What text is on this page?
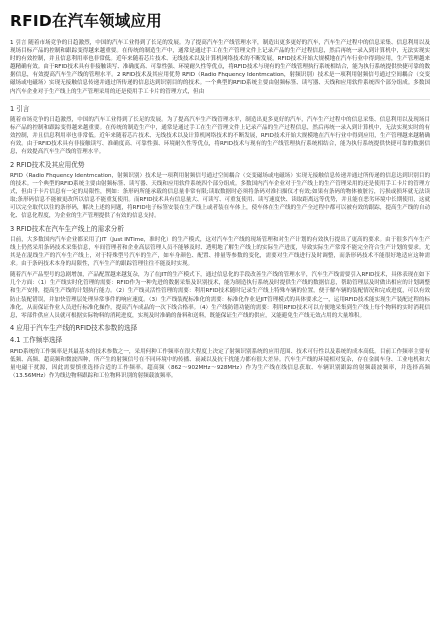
RFID在汽车领域应用

1 引言 随着市场竞争的日趋激烈，中国的汽车工业得到了长足的发展。为了提高汽车生产线管理水平，制造出更多更好的汽车，汽车生产过程中的信息采集、信息利用以及现场目标产品的控制和跟踪变得越来越重要。在传统的制造生产中，通常是通过手工在生产管理文件上记录产品的生产过程信息，然后再统一录入到计算机中，无法实现实时的有效控制，并且信息利用率也非常低。近年来随着芯片技术、无线技术以及计算机网络技术的不断发展，RFID技术开始大规模地在汽车行业中得到应用，生产管理越来越精确有效。由于RFID技术具有非接触读写、准确度高、可靠性强、环境耐久性等优点，将RFID技术与现有的生产线管理执行系统相结合，能为执行系统提供快捷可靠的数据信息，有效提高汽车生产线的管理水平。2 RFID技术及其应用优势 RFID（Radio Fhquency Identmcation，射频识别）技术是一项利用射频信号通过空间耦合（交变磁场或电磁场）实现无接触信息传递并通过所传递的信息达到识别目的的技术。一个典型的RFID系统主要由射频标签、读写器、天线和应用软件系统四个部分组成。多数国内汽车企业对于生产线上的生产管理采用的还是使用手工卡片的管理方式，但由

1 引言

随着市场竞争的日趋激烈，中国的汽车工业得到了长足的发展。为了提高汽车生产线管理水平，制造出更多更好的汽车，汽车生产过程中的信息采集、信息利用以及现场目标产品的控制和跟踪变得越来越重要。在传统的制造生产中，通常是通过手工在生产管理文件上记录产品的生产过程信息，然后再统一录入到计算机中，无法实现实时的有效控制，并且信息利用率也非常低。近年来随着芯片技术、无线技术以及计算机网络技术的不断发展，RFID技术开始大规模地在汽车行业中得到应用，生产管理越来越精确有效。由于RFID技术具有非接触读写、准确度高、可靠性强、环境耐久性等优点，将RFID技术与现有的生产线管理执行系统相结合，能为执行系统提供快捷可靠的数据信息，有效提高汽车生产线的管理水平。

2 RFID技术及其应用优势

RFID（Radio Fhquency Identmcation，射频识别）技术是一项利用射频信号通过空间耦合（交变磁场或电磁场）实现无接触信息传递并通过所传递的信息达到识别目的的技术。一个典型的RFID系统主要由射频标签、读写器、天线和应用软件系统四个部分组成。多数国内汽车企业对于生产线上的生产管理采用的还是使用手工卡片的管理方式，但由于卡片信息有一定的局限性，例如：条形码所能承载的信息量非常有限;读取数据时必须将条码对准扫描仪才有效;如果有条码的物体被脏污，污损或损坏就无法读取;条形码信息不能被更改所以信息不能重复使用。而RFID技术具有信息量大、可读写、可重复使用、读写速度快、读取距离远等优势，并且能在恶劣环境中长期使用，这就可以完全取代以往的条形码，解决上述的问题，将RFID电子标签安装在生产线上或者装在车体上，使车体在生产线的生产全过程中都可以被有效的跟踪，提高生产线的自动化、信息化程度，为企业的生产管理提供了有效的信息支持。

3 RFID技术在汽车生产线上的需求分析

目前，大多数国内汽车企业都采用了JIT（Just INTime，准时化）的生产模式，这对汽车生产线的现场管理和对生产计划的有效执行提出了更高的要求。由于很多汽车生产线上仍然采用条码技术采集信息，车间管理者和企业高层管理人员不能够及时、透明地了解生产线上的实际生产进度，导致实际生产常常不能完全符合生产计划的要求。尤其是在混线生产的汽车生产线上，对于特殊型号汽车的生产，如车身颜色、配置、排量等参数的变化，需要对生产线进行及时调整，而条形码技术不能很好地适应这种需求。由于条码技术本身的局限性，汽车生产的跟踪管理往往不能及时实现。

随着汽车产品型号的急剧增加，产品配置越来越复杂，为了在JIT的生产模式下，通过信息化的手段改善生产线的管理水平，汽车生产线需要引入RFID技术，具体表现在如下几个方面：（1）生产线实时化管理的需要：RFID作为一种先进的数据采集及识别技术，能为制造执行系统及时提供生产线的数据信息，帮助管理层及时做出相应的计划调整和生产安排，提高生产线的计划执行能力。（2）生产线灵活性管理的需要：利用RFID技术随时记录生产线上特殊车辆的位置，便于解车辆的装配情况和完成进度，可以有效防止装配错误，并加快管理层处理异常事件的响应速度。（3）生产线装配标准化的需要：标准化作业是JIT管理模式的具体要求之一，运用RFID技术能实现生产装配过程的标准化，从而保证作业人员进行标准化操作，提高汽车成品的一次下线合格率。（4）生产线防错功能的需要：利用RFID技术可以方便地采集到生产线上每个物料的实时消耗信息，零部件供应人员就可根据实际物料的消耗进度，实现及时准确的备料和送料，既能保证生产线的供应，又能避免生产线无效占用的大量堆积。

4 应用于汽车生产线的RFID技术参数的选择
4.1 工作频率选择

RFID系统的工作频率是其最基本的技术参数之一，采用何种工作频率在很大程度上决定了射频识别系统的应用范围、技术可行性以及系统的成本高低。目前工作频率主要有低频、高频、超高频和微波四种，所产生的射频信号在不同环境中的传播、衰减以及抗干扰能力都有很大差异。汽车生产线的环境相对复杂，存在金属车身、工业电机和大量电磁干扰源，因此需要慎重选择合适的工作频率。超高频（862～902MHz～928MHz）作为生产线在线信息获取、车辆识别跟踪的射频载波频率，并选择高频（13.56MHz）作为线边物料跟踪和工位物料识别的射频载波频率。
